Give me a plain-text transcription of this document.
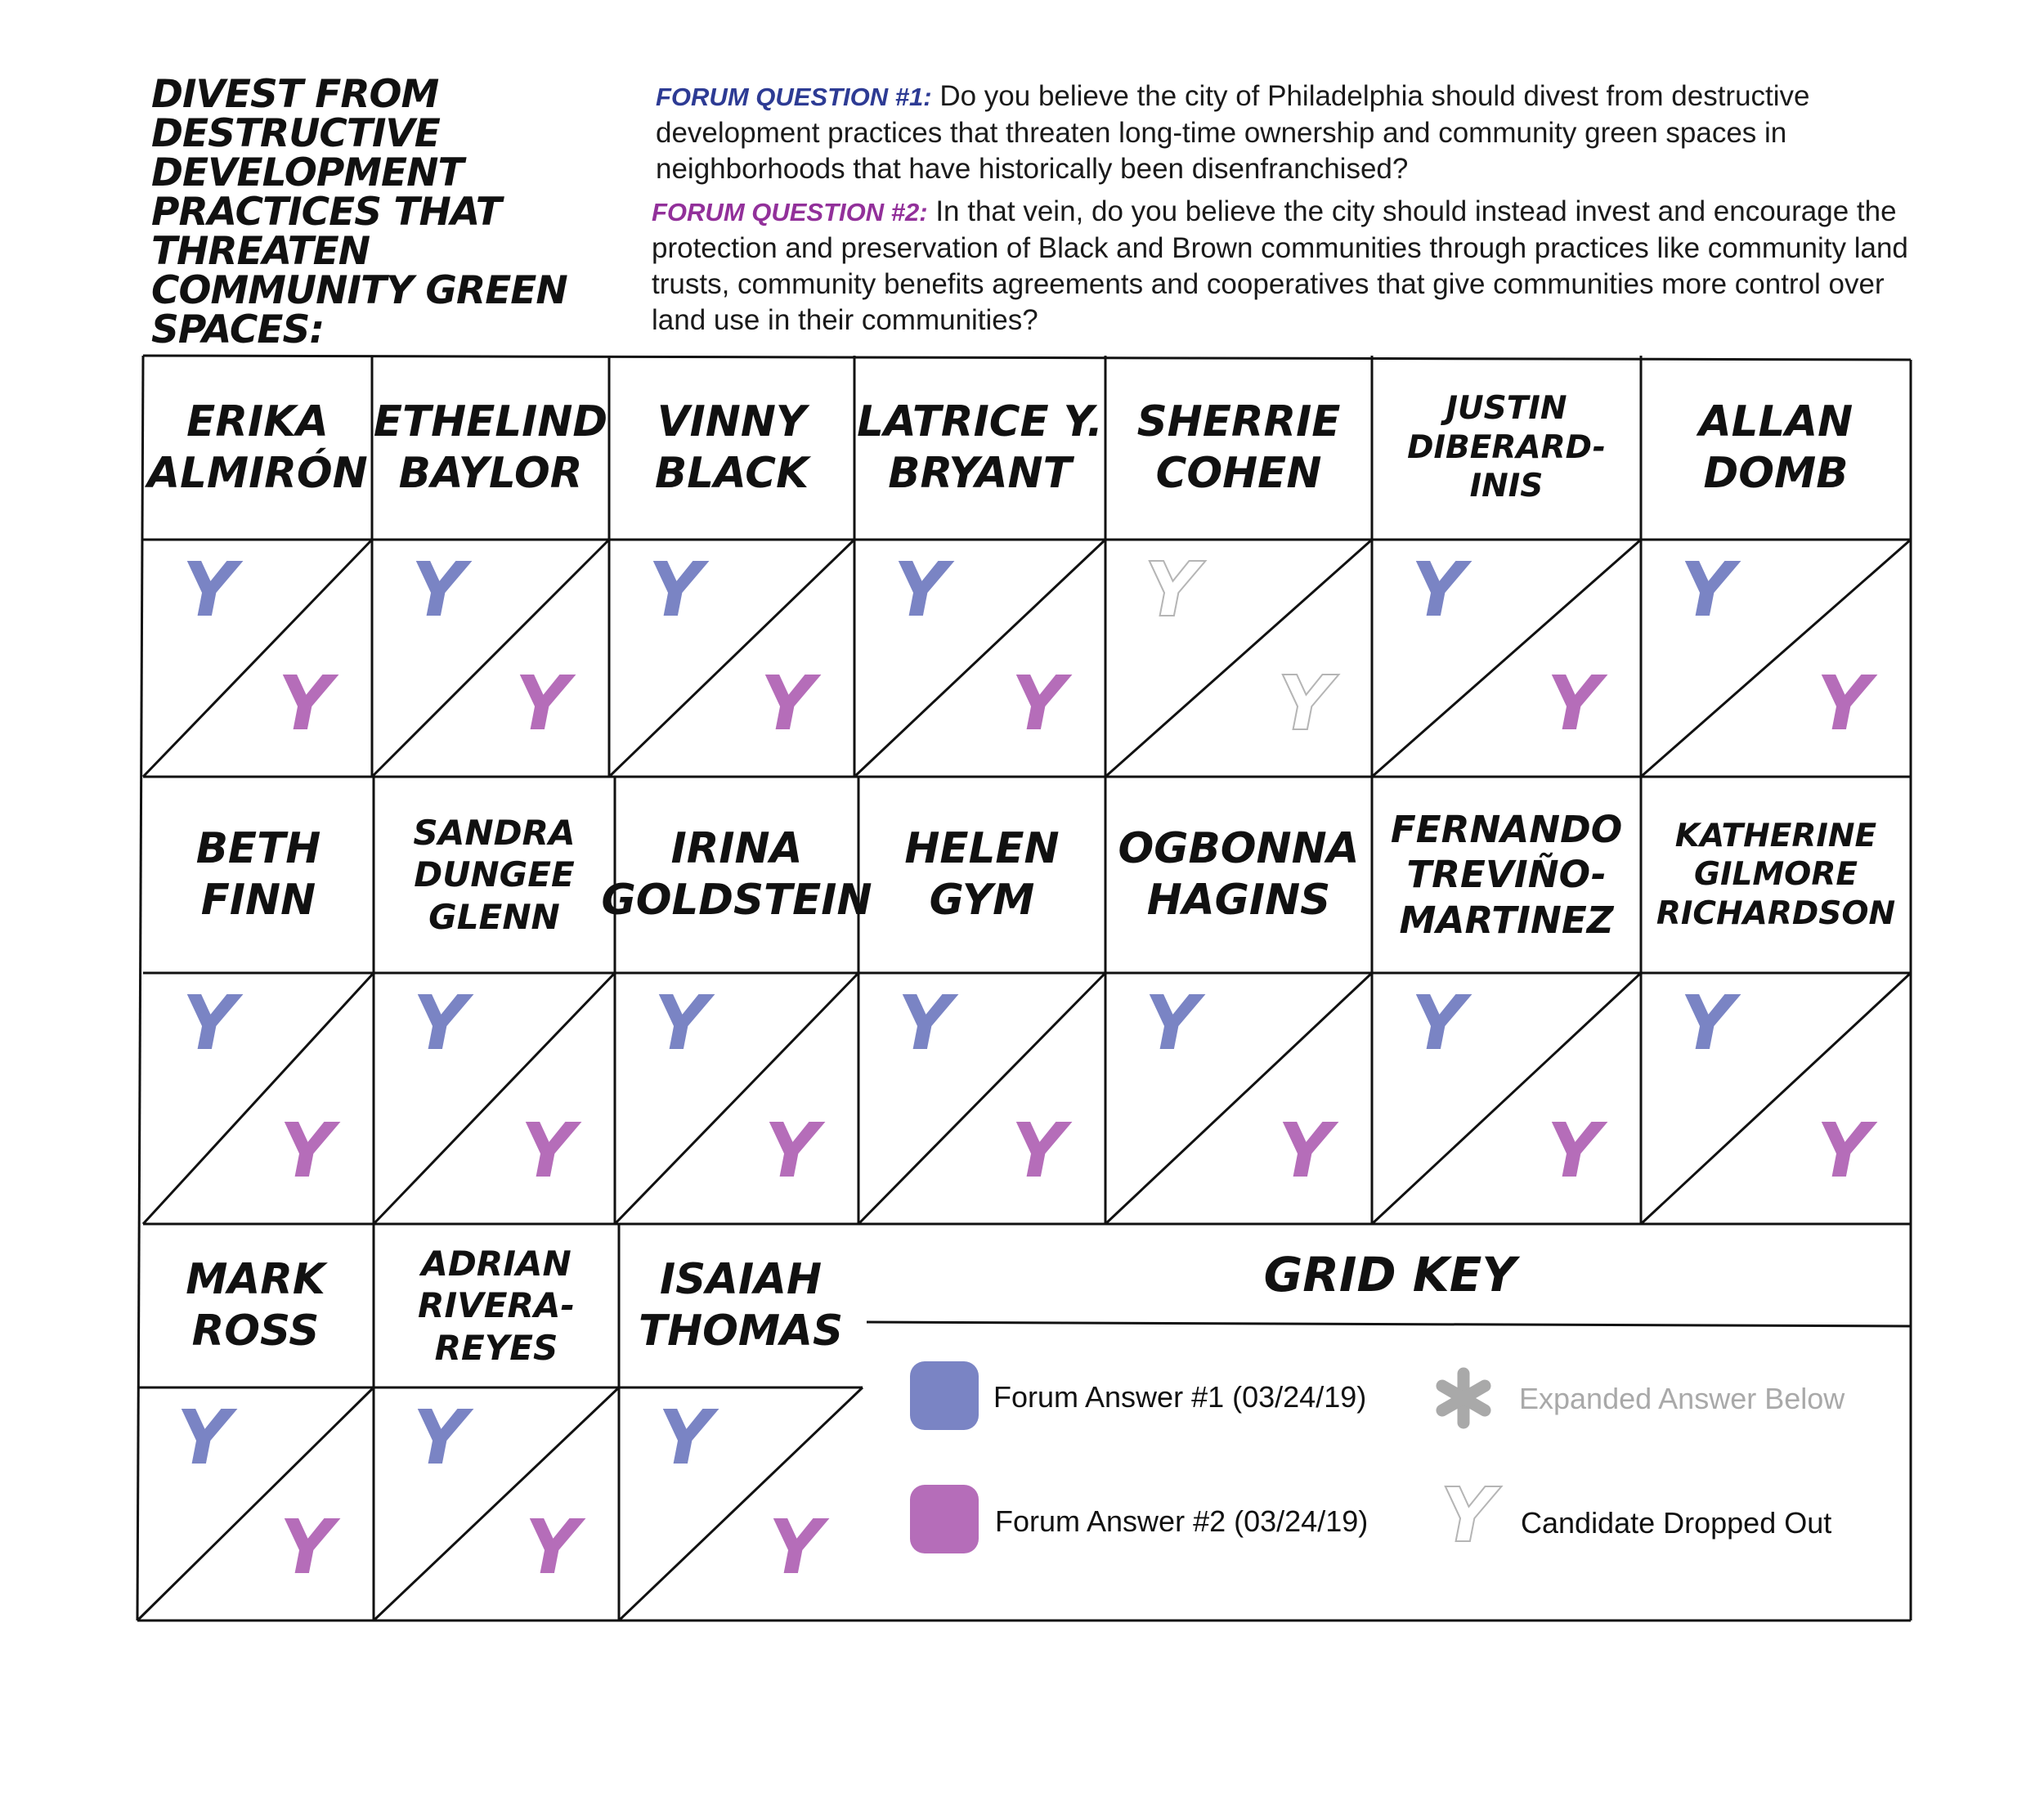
DIVEST FROM DESTRUCTIVE DEVELOPMENT PRACTICES THAT THREATEN COMMUNITY GREEN SPACES:

FORUM QUESTION #1: Do you believe the city of Philadelphia should divest from destructive development practices that threaten long-time ownership and community green spaces in neighborhoods that have historically been disenfranchised?

FORUM QUESTION #2: In that vein, do you believe the city should instead invest and encourage the protection and preservation of Black and Brown communities through practices like community land trusts, community benefits agreements and cooperatives that give communities more control over land use in their communities?

ERIKA
ALMIRÓN
Y
Y
ETHELIND
BAYLOR
Y
Y
VINNY
BLACK
Y
Y
LATRICE Y.
BRYANT
Y
Y
SHERRIE
COHEN
Y
Y
JUSTIN
DIBERARD-
INIS
Y
Y
ALLAN
DOMB
Y
Y
BETH
FINN
Y
Y
SANDRA
DUNGEE
GLENN
Y
Y
IRINA
GOLDSTEIN
Y
Y
HELEN
GYM
Y
Y
OGBONNA
HAGINS
Y
Y
FERNANDO
TREVIÑO-
MARTINEZ
Y
Y
KATHERINE
GILMORE
RICHARDSON
Y
Y
MARK
ROSS
Y
Y
ADRIAN
RIVERA-
REYES
Y
Y
ISAIAH
THOMAS
Y
Y
GRID KEY
Forum Answer #1 (03/24/19)
Forum Answer #2 (03/24/19)
Expanded Answer Below
Y Candidate Dropped Out
